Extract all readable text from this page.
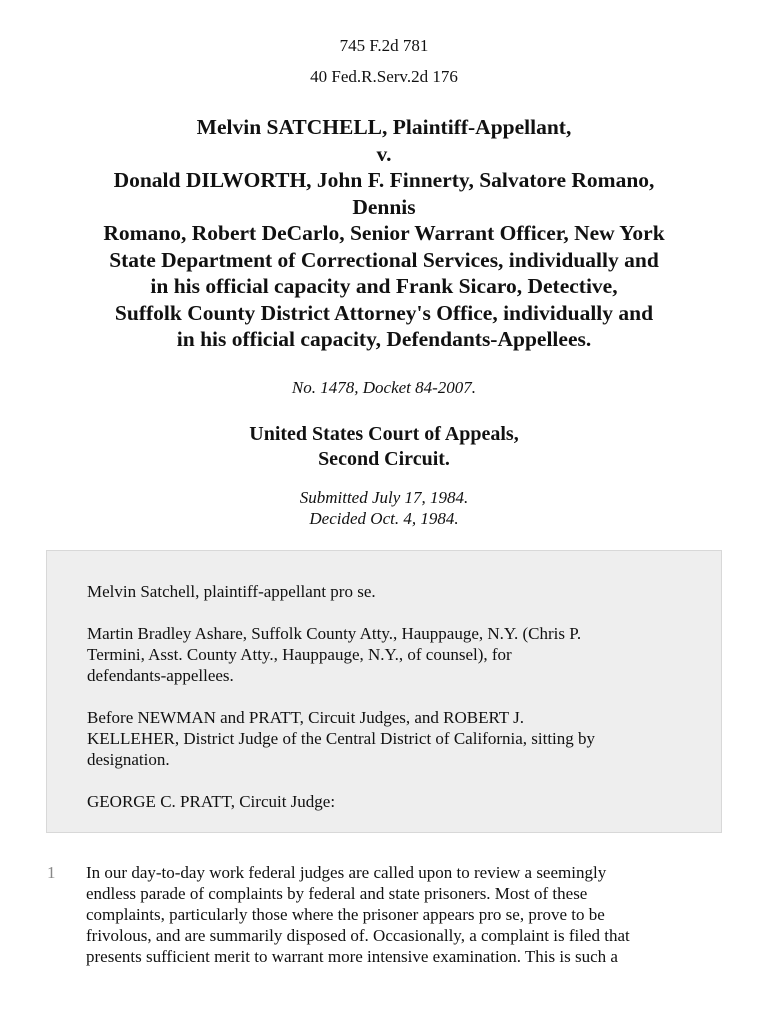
745 F.2d 781
40 Fed.R.Serv.2d 176
Melvin SATCHELL, Plaintiff-Appellant,
v.
Donald DILWORTH, John F. Finnerty, Salvatore Romano,
Dennis
Romano, Robert DeCarlo, Senior Warrant Officer, New York
State Department of Correctional Services, individually and
in his official capacity and Frank Sicaro, Detective,
Suffolk County District Attorney's Office, individually and
in his official capacity, Defendants-Appellees.
No. 1478, Docket 84-2007.
United States Court of Appeals,
Second Circuit.
Submitted July 17, 1984.
Decided Oct. 4, 1984.

Melvin Satchell, plaintiff-appellant pro se.

Martin Bradley Ashare, Suffolk County Atty., Hauppauge, N.Y. (Chris P.
Termini, Asst. County Atty., Hauppauge, N.Y., of counsel), for
defendants-appellees.

Before NEWMAN and PRATT, Circuit Judges, and ROBERT J.
KELLEHER, District Judge of the Central District of California, sitting by
designation.

GEORGE C. PRATT, Circuit Judge:

1 In our day-to-day work federal judges are called upon to review a seemingly
endless parade of complaints by federal and state prisoners. Most of these
complaints, particularly those where the prisoner appears pro se, prove to be
frivolous, and are summarily disposed of. Occasionally, a complaint is filed that
presents sufficient merit to warrant more intensive examination. This is such a
